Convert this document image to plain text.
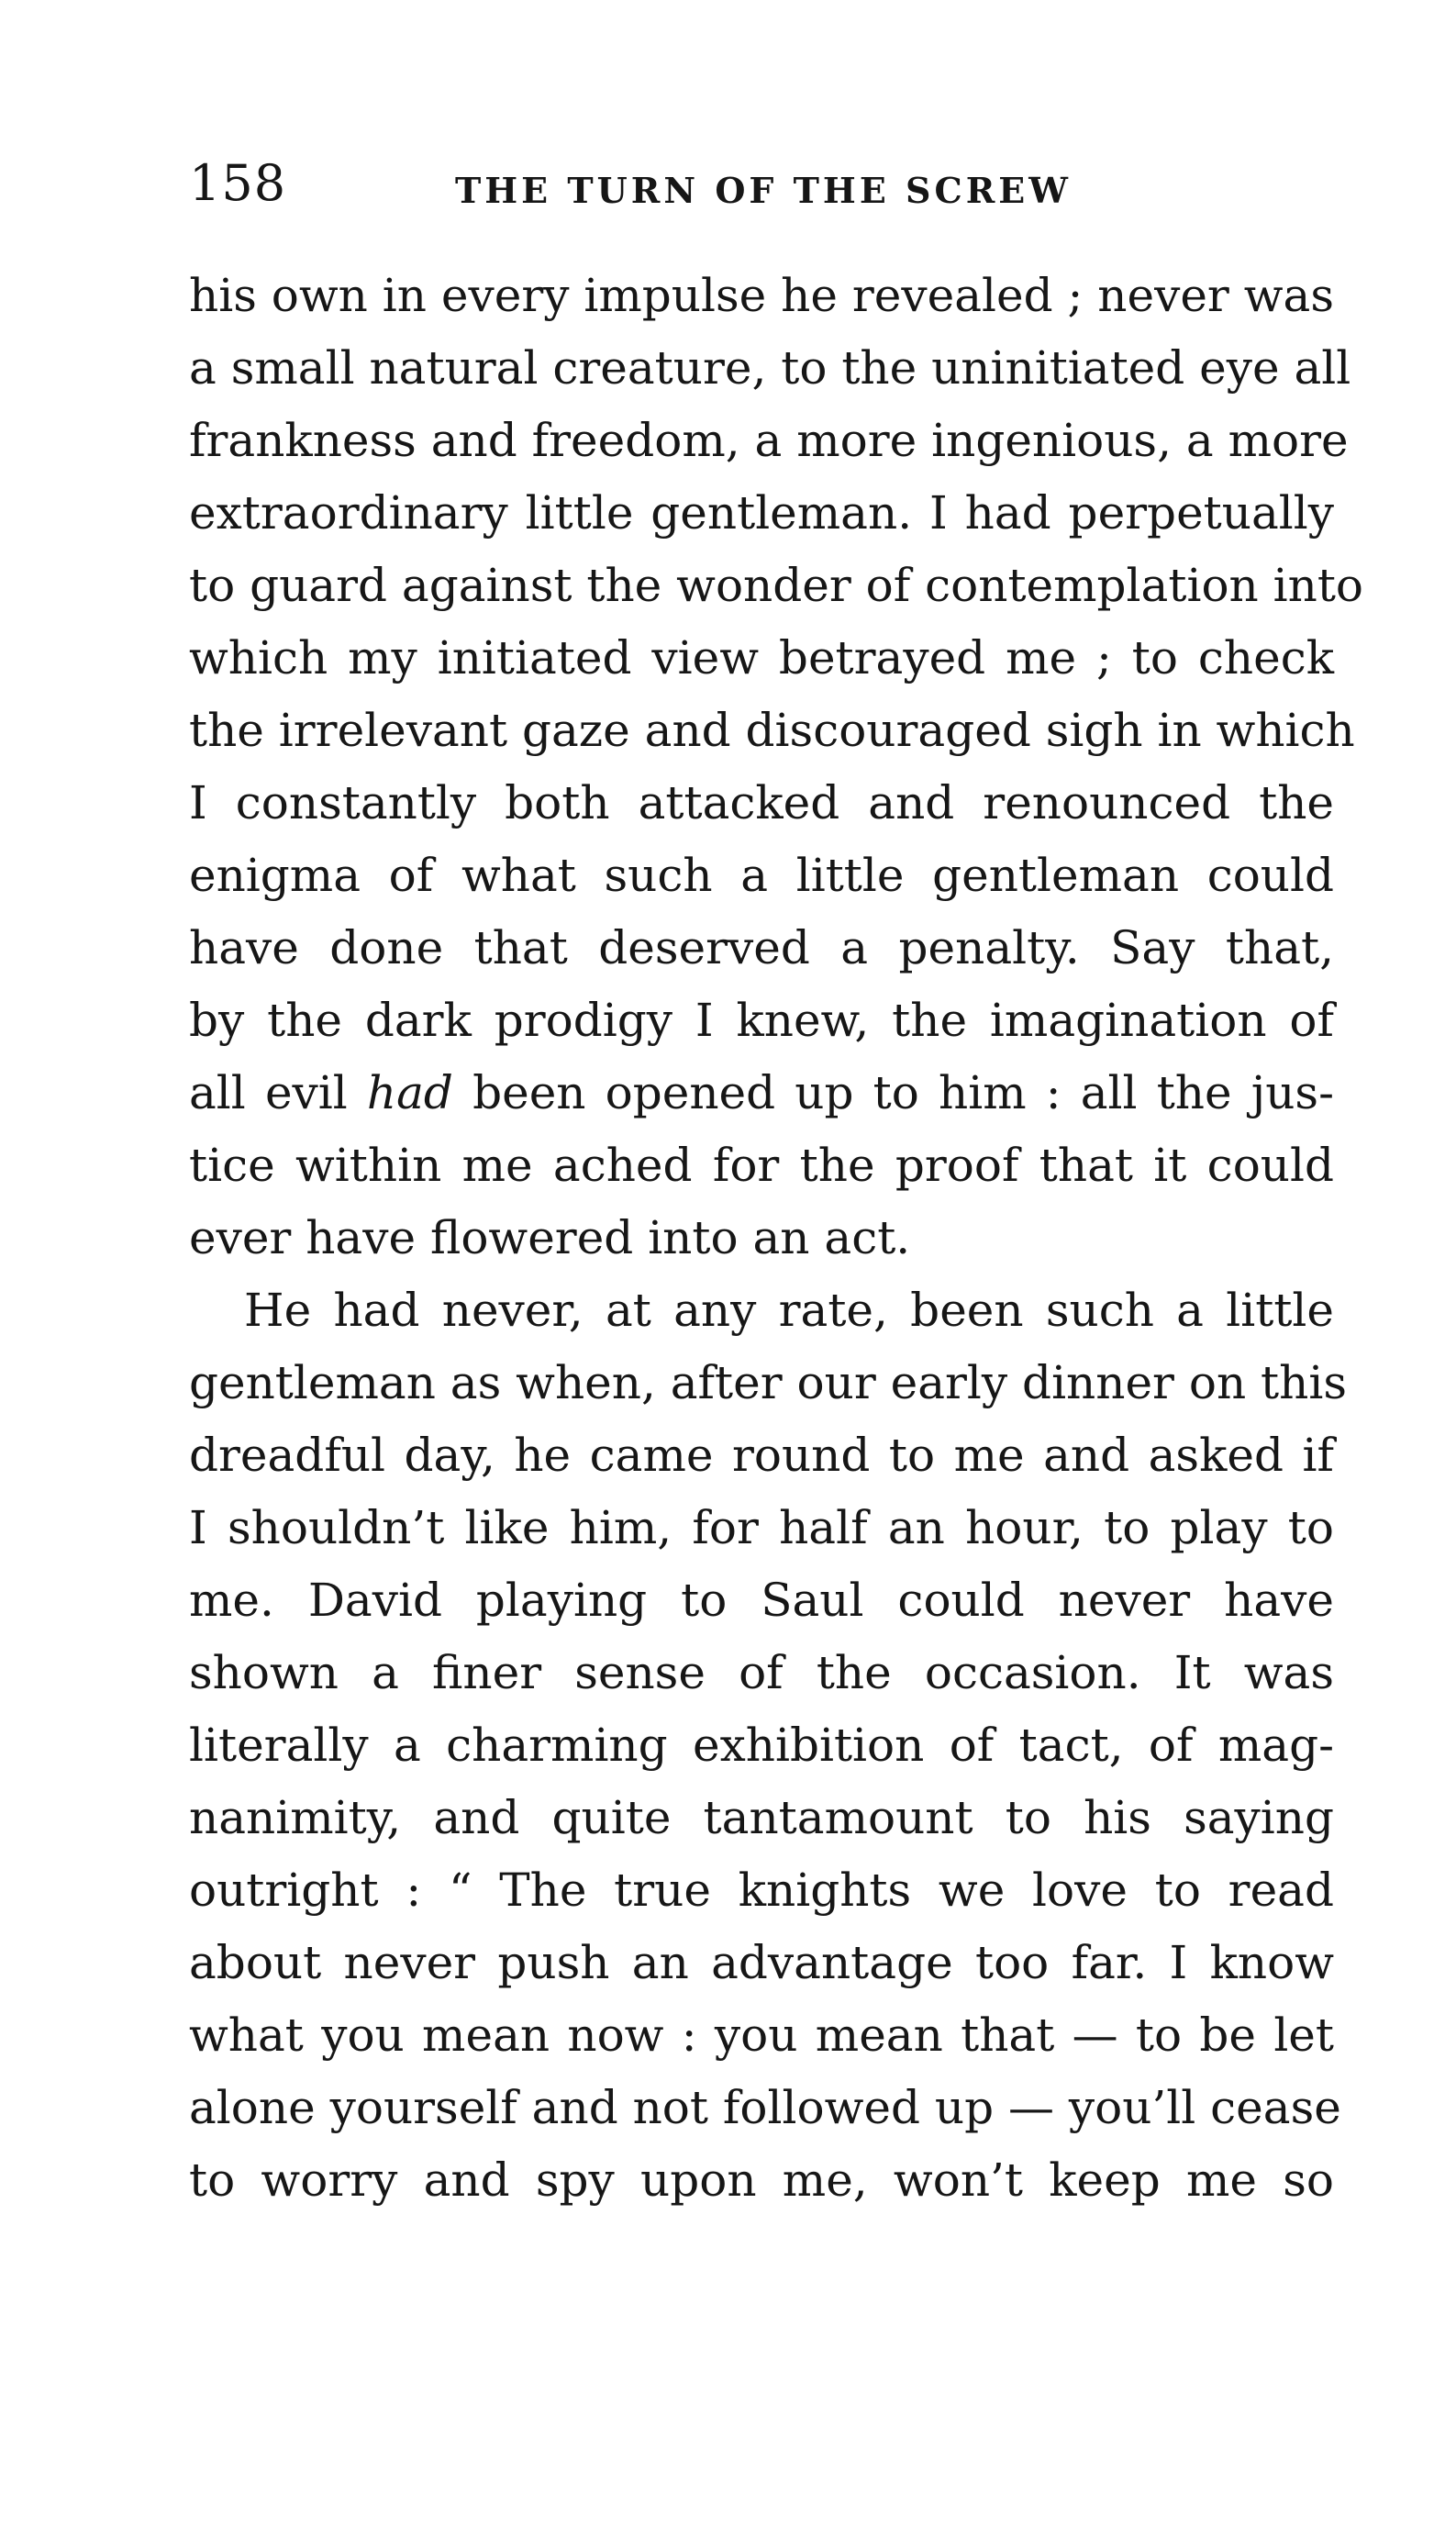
158	THE TURN OF THE SCREW
his own in every impulse he revealed ; never was
a small natural creature, to the uninitiated eye all
frankness and freedom, a more ingenious, a more
extraordinary little gentleman. I had perpetually
to guard against the wonder of contemplation into
which my initiated view betrayed me ; to check
the irrelevant gaze and discouraged sigh in which
I constantly both attacked and renounced the
enigma of what such a little gentleman could
have done that deserved a penalty. Say that,
by the dark prodigy I knew, the imagination of
all evil had been opened up to him : all the jus-
tice within me ached for the proof that it could
ever have flowered into an act.
He had never, at any rate, been such a little
gentleman as when, after our early dinner on this
dreadful day, he came round to me and asked if
I shouldn’t like him, for half an hour, to play to
me. David playing to Saul could never have
shown a finer sense of the occasion. It was
literally a charming exhibition of tact, of mag-
nanimity, and quite tantamount to his saying
outright : “ The true knights we love to read
about never push an advantage too far. I know
what you mean now : you mean that — to be let
alone yourself and not followed up — you’ll cease
to worry and spy upon me, won’t keep me so
